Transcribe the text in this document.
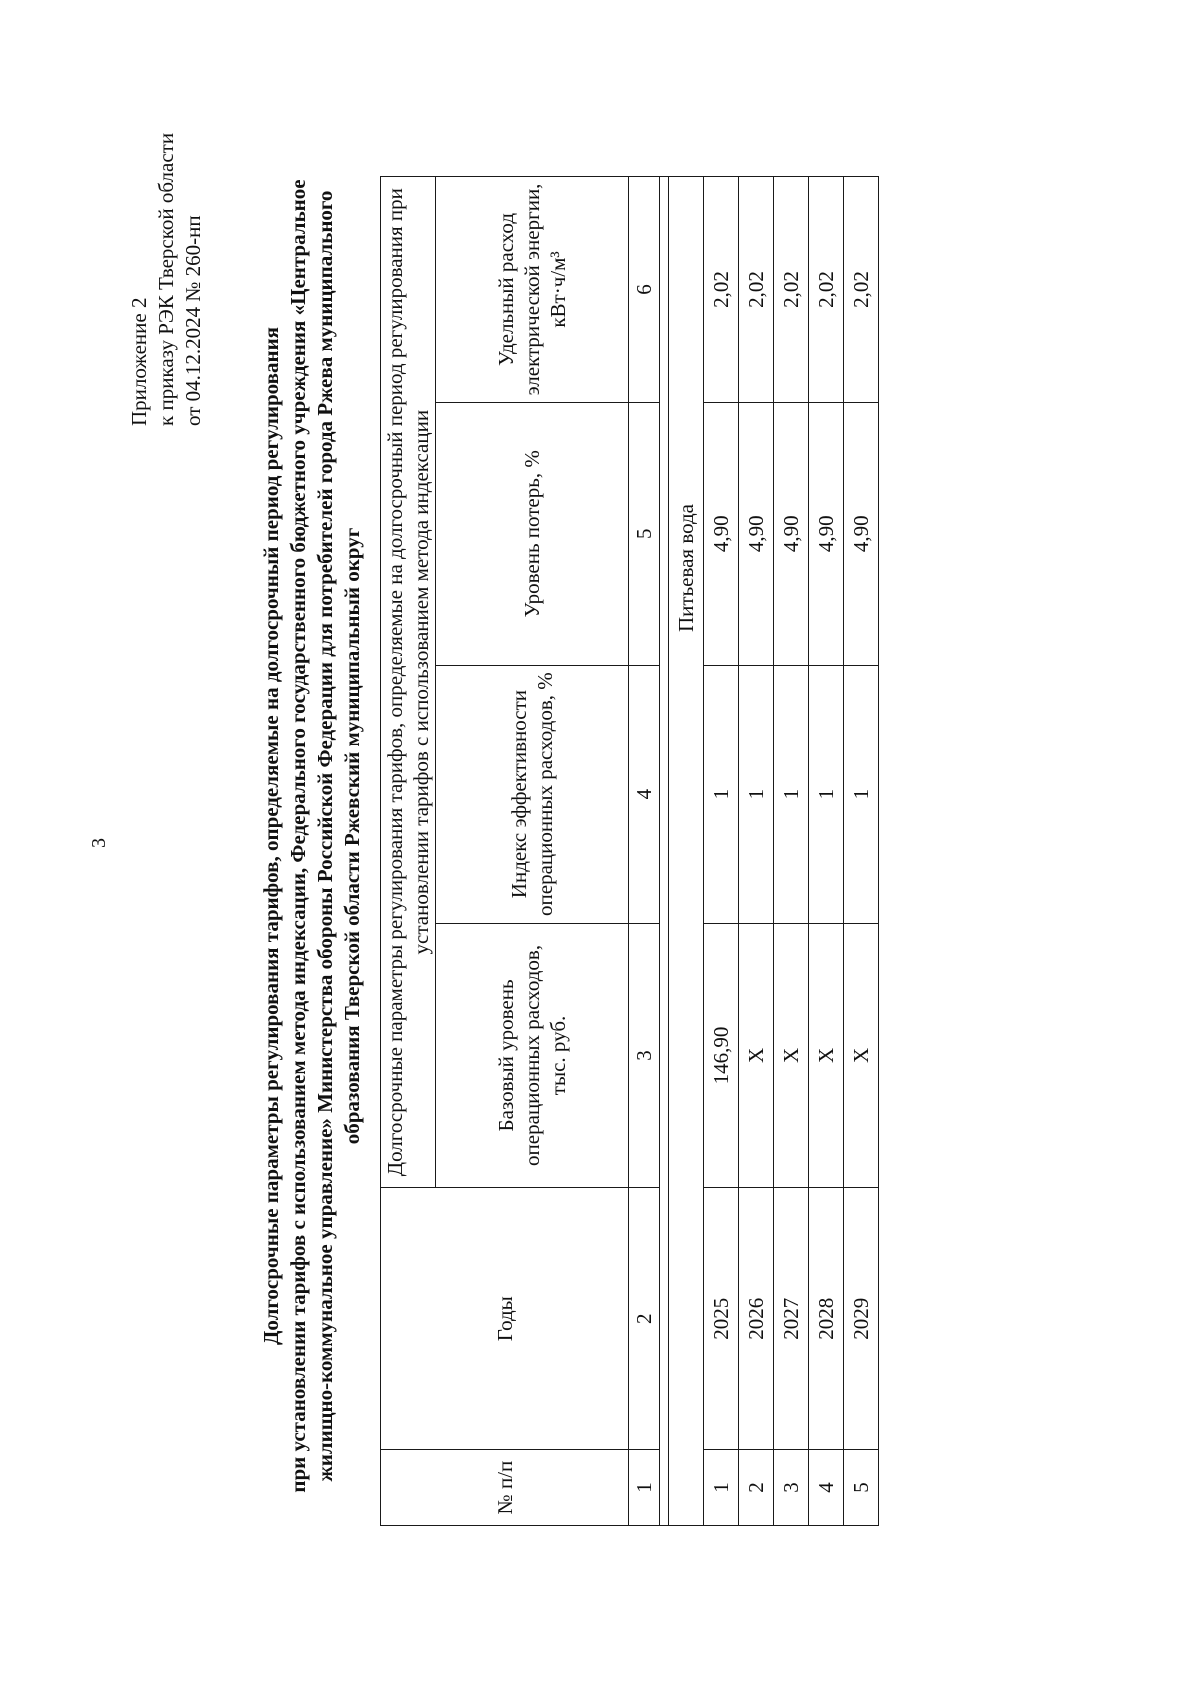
3
Приложение 2 к приказу РЭК Тверской области от 04.12.2024 № 260-нп
Долгосрочные параметры регулирования тарифов, определяемые на долгосрочный период регулирования при установлении тарифов с использованием метода индексации, Федерального государственного бюджетного учреждения «Центральное жилищно-коммунальное управление» Министерства обороны Российской Федерации для потребителей города Ржева муниципального образования Тверской области Ржевский муниципальный округ
№ п/п	Годы	Долгосрочные параметры регулирования тарифов, определяемые на долгосрочный период регулирования при установлении тарифов с использованием метода индексации			
		Базовый уровень операционных расходов, тыс. руб.	Индекс эффективности операционных расходов, %	Уровень потерь, %	Удельный расход электрической энергии, кВт·ч/м³
1	2	3	4	5	6

Питьевая вода					
1	2025	146,90	1	4,90	2,02
2	2026	Х	1	4,90	2,02
3	2027	Х	1	4,90	2,02
4	2028	Х	1	4,90	2,02
5	2029	Х	1	4,90	2,02
